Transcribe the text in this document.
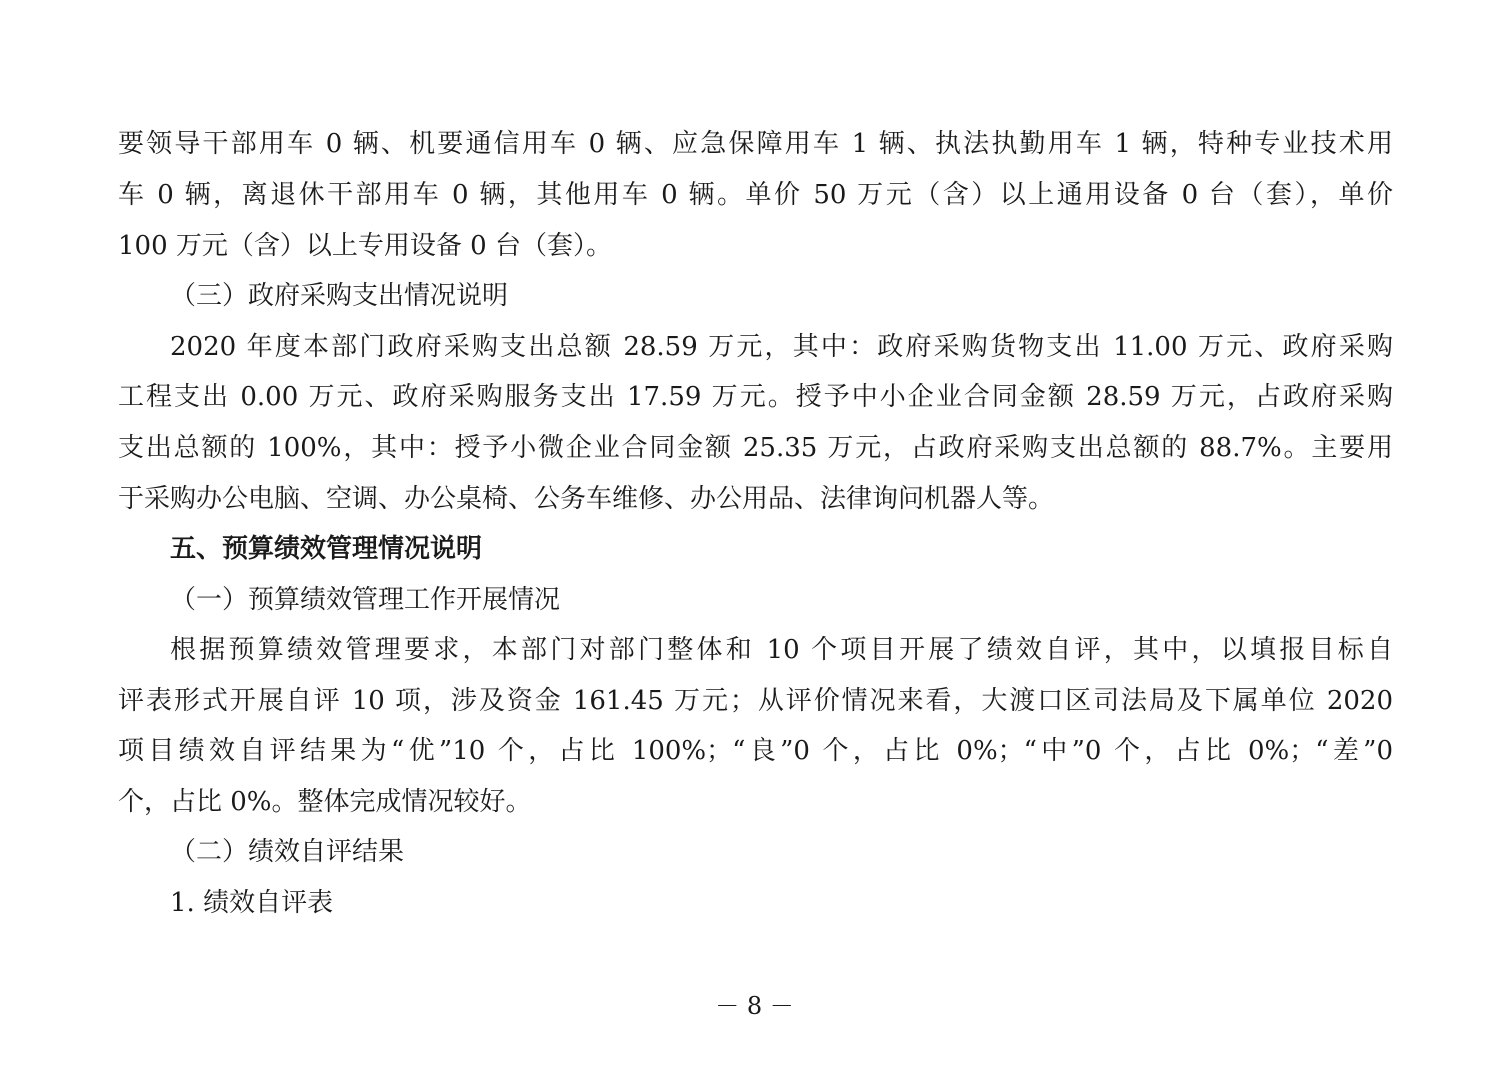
要领导干部用车 0 辆、机要通信用车 0 辆、应急保障用车 1 辆、执法执勤用车 1 辆，特种专业技术用
车 0 辆，离退休干部用车 0 辆，其他用车 0 辆。单价 50 万元（含）以上通用设备 0 台（套），单价
100 万元（含）以上专用设备 0 台（套）。
（三）政府采购支出情况说明
2020 年度本部门政府采购支出总额 28.59 万元，其中：政府采购货物支出 11.00 万元、政府采购
工程支出 0.00 万元、政府采购服务支出 17.59 万元。授予中小企业合同金额 28.59 万元，占政府采购
支出总额的 100%，其中：授予小微企业合同金额 25.35 万元，占政府采购支出总额的 88.7%。主要用
于采购办公电脑、空调、办公桌椅、公务车维修、办公用品、法律询问机器人等。
五、预算绩效管理情况说明
（一）预算绩效管理工作开展情况
根据预算绩效管理要求，本部门对部门整体和 10 个项目开展了绩效自评，其中，以填报目标自
评表形式开展自评 10 项，涉及资金 161.45 万元；从评价情况来看，大渡口区司法局及下属单位 2020
项目绩效自评结果为“优”10 个，占比 100%；“良”0 个，占比 0%；“中”0 个，占比 0%；“差”0
个，占比 0%。整体完成情况较好。
（二）绩效自评结果
1. 绩效自评表
－ 8 －
